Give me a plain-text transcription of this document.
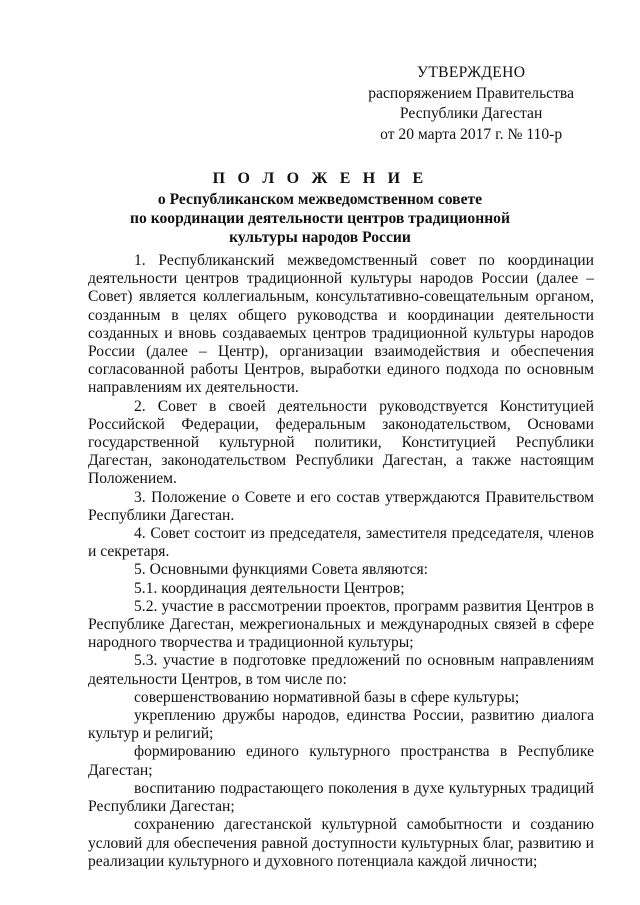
УТВЕРЖДЕНО
распоряжением Правительства
Республики Дагестан
от 20 марта 2017 г. № 110-р
П О Л О Ж Е Н И Е
о Республиканском межведомственном совете
по координации деятельности центров традиционной
культуры народов России

1. Республиканский межведомственный совет по координации деятельности центров традиционной культуры народов России (далее – Совет) является коллегиальным, консультативно-совещательным органом, созданным в целях общего руководства и координации деятельности созданных и вновь создаваемых центров традиционной культуры народов России (далее – Центр), организации взаимодействия и обеспечения согласованной работы Центров, выработки единого подхода по основным направлениям их деятельности.

2. Совет в своей деятельности руководствуется Конституцией Российской Федерации, федеральным законодательством, Основами государственной культурной политики, Конституцией Республики Дагестан, законодательством Республики Дагестан, а также настоящим Положением.

3. Положение о Совете и его состав утверждаются Правительством Республики Дагестан.

4. Совет состоит из председателя, заместителя председателя, членов и секретаря.

5. Основными функциями Совета являются:

5.1. координация деятельности Центров;

5.2. участие в рассмотрении проектов, программ развития Центров в Республике Дагестан, межрегиональных и международных связей в сфере народного творчества и традиционной культуры;

5.3. участие в подготовке предложений по основным направлениям деятельности Центров, в том числе по:

совершенствованию нормативной базы в сфере культуры;

укреплению дружбы народов, единства России, развитию диалога культур и религий;

формированию единого культурного пространства в Республике Дагестан;

воспитанию подрастающего поколения в духе культурных традиций Республики Дагестан;

сохранению дагестанской культурной самобытности и созданию условий для обеспечения равной доступности культурных благ, развитию и реализации культурного и духовного потенциала каждой личности;
